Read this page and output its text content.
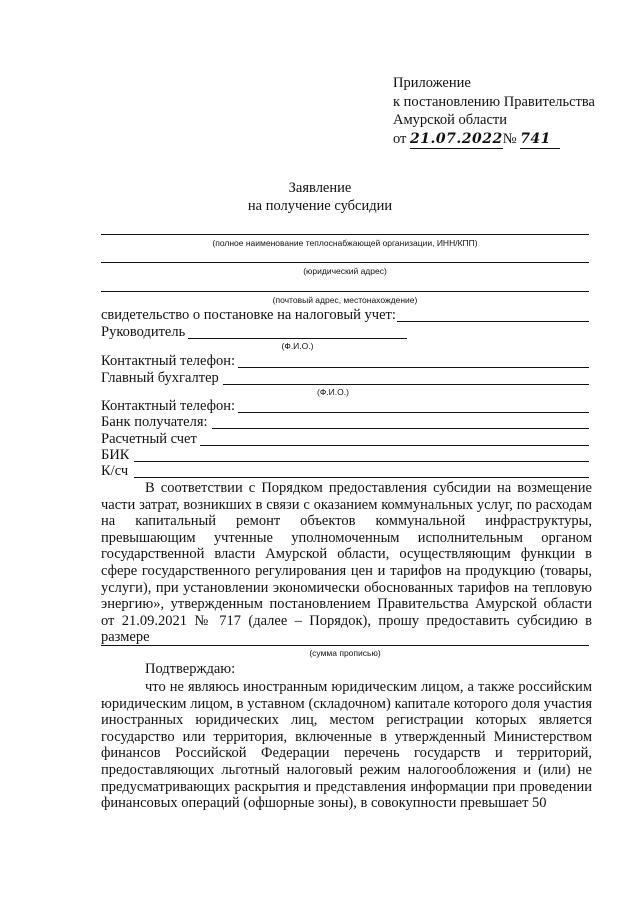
Приложение
к постановлению Правительства
Амурской области
от 21.07.2022№ 741
Заявление
на получение субсидии
(полное наименование теплоснабжающей организации, ИНН/КПП)
(юридический адрес)
(почтовый адрес, местонахождение)
свидетельство о постановке на налоговый учет:
Руководитель
(Ф.И.О.)
Контактный телефон:
Главный бухгалтер
(Ф.И.О.)
Контактный телефон:
Банк получателя:
Расчетный счет
БИК
К/сч

В соответствии с Порядком предоставления субсидии на возмещение части затрат, возникших в связи с оказанием коммунальных услуг, по расходам на капитальный ремонт объектов коммунальной инфраструктуры, превышающим учтенные уполномоченным исполнительным органом государственной власти Амурской области, осуществляющим функции в сфере государственного регулирования цен и тарифов на продукцию (товары, услуги), при установлении экономически обоснованных тарифов на тепловую энергию», утвержденным постановлением Правительства Амурской области от 21.09.2021 № 717 (далее – Порядок), прошу предоставить субсидию в размере

(сумма прописью)
Подтверждаю:

что не являюсь иностранным юридическим лицом, а также российским юридическим лицом, в уставном (складочном) капитале которого доля участия иностранных юридических лиц, местом регистрации которых является государство или территория, включенные в утвержденный Министерством финансов Российской Федерации перечень государств и территорий, предоставляющих льготный налоговый режим налогообложения и (или) не предусматривающих раскрытия и представления информации при проведении финансовых операций (офшорные зоны), в совокупности превышает 50
